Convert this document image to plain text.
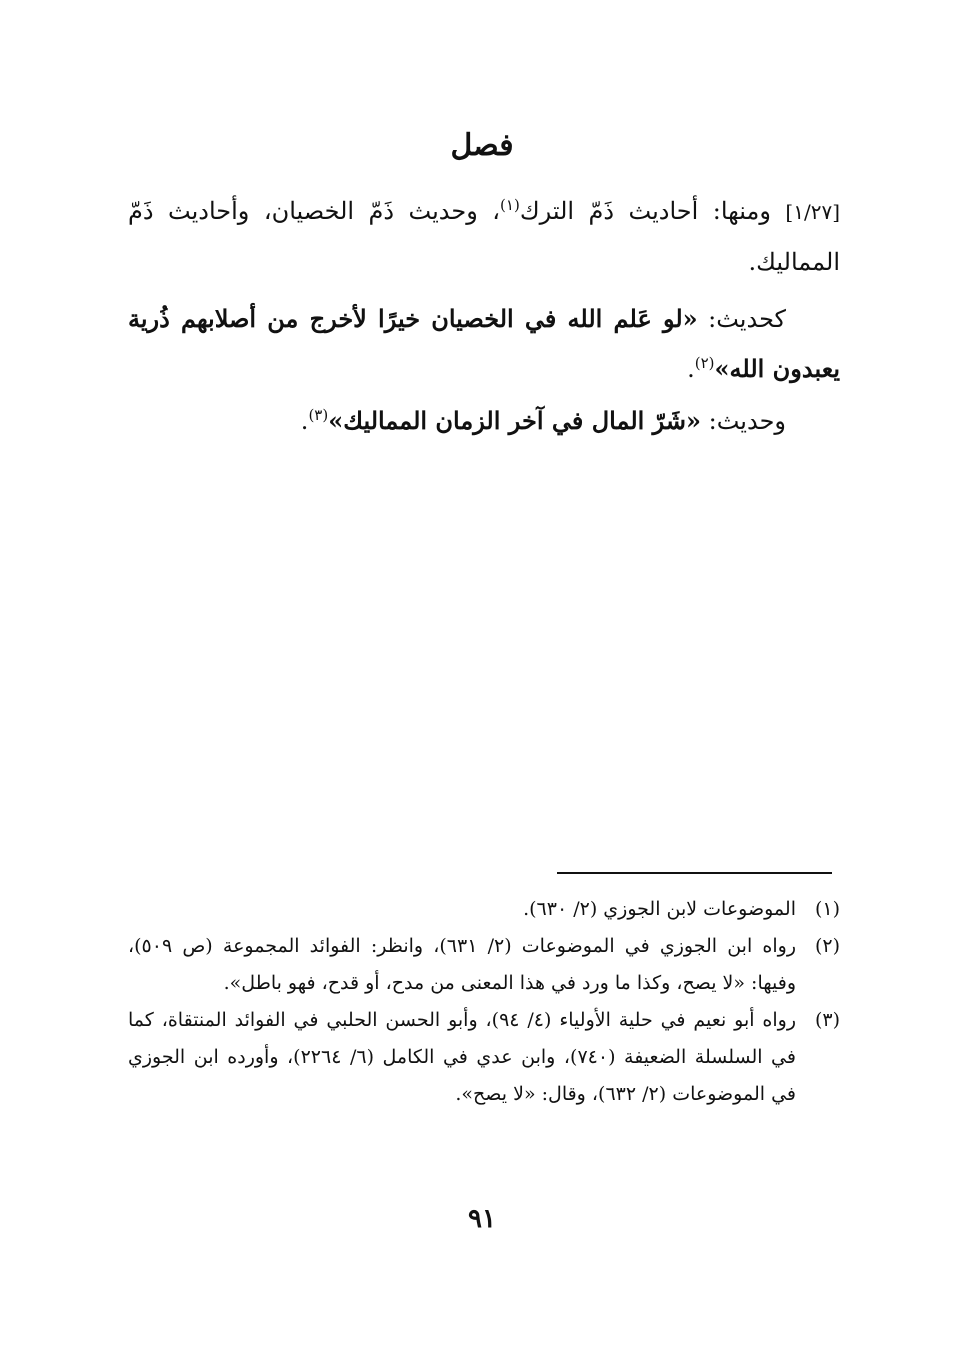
فصل

[١/٢٧] ومنها: أحاديث ذَمّ الترك$^{(١)}$، وحديث ذَمّ الخصيان، وأحاديث ذَمّ المماليك.

كحديث: «لو عَلم الله في الخصيان خيرًا لأخرج من أصلابهم ذُرية يعبدون الله»$^{(٢)}$.

وحديث: «شَرّ المال في آخر الزمان المماليك»$^{(٣)}$.

(١)
الموضوعات لابن الجوزي (٢/ ٦٣٠).
(٢)
رواه ابن الجوزي في الموضوعات (٢/ ٦٣١)، وانظر: الفوائد المجموعة (ص ٥٠٩)، وفيها: «لا يصح، وكذا ما ورد في هذا المعنى من مدح، أو قدح، فهو باطل».
(٣)
رواه أبو نعيم في حلية الأولياء (٤/ ٩٤)، وأبو الحسن الحلبي في الفوائد المنتقاة، كما في السلسلة الضعيفة (٧٤٠)، وابن عدي في الكامل (٦/ ٢٢٦٤)، وأورده ابن الجوزي في الموضوعات (٢/ ٦٣٢)، وقال: «لا يصح».
٩١
